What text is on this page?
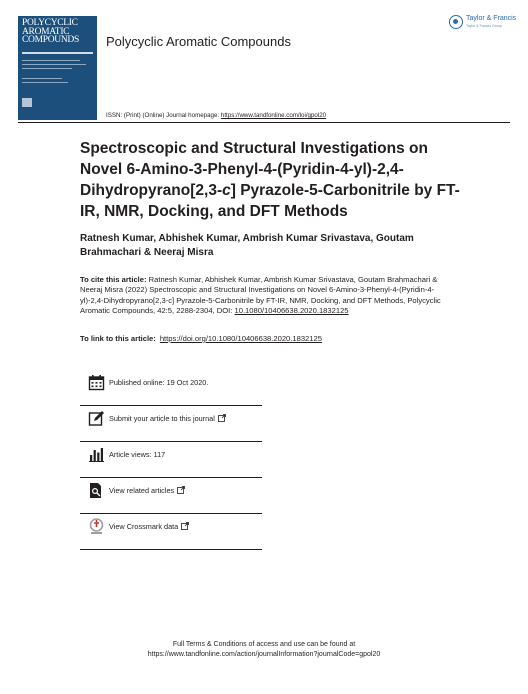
POLYCYCLIC AROMATIC COMPOUNDS	Polycyclic Aromatic Compounds
Taylor & Francis
Taylor & Francis Group
ISSN: (Print) (Online) Journal homepage: https://www.tandfonline.com/loi/gpol20
Spectroscopic and Structural Investigations on Novel 6-Amino-3-Phenyl-4-(Pyridin-4-yl)-2,4-Dihydropyrano[2,3-c] Pyrazole-5-Carbonitrile by FT-IR, NMR, Docking, and DFT Methods
Ratnesh Kumar, Abhishek Kumar, Ambrish Kumar Srivastava, Goutam Brahmachari & Neeraj Misra
To cite this article: Ratnesh Kumar, Abhishek Kumar, Ambrish Kumar Srivastava, Goutam Brahmachari & Neeraj Misra (2022) Spectroscopic and Structural Investigations on Novel 6-Amino-3-Phenyl-4-(Pyridin-4-yl)-2,4-Dihydropyrano[2,3-c] Pyrazole-5-Carbonitrile by FT-IR, NMR, Docking, and DFT Methods, Polycyclic Aromatic Compounds, 42:5, 2288-2304, DOI: 10.1080/10406638.2020.1832125
To link to this article: https://doi.org/10.1080/10406638.2020.1832125
Published online: 19 Oct 2020.
Submit your article to this journal
Article views: 117
View related articles
View Crossmark data
Full Terms & Conditions of access and use can be found at
https://www.tandfonline.com/action/journalInformation?journalCode=gpol20
